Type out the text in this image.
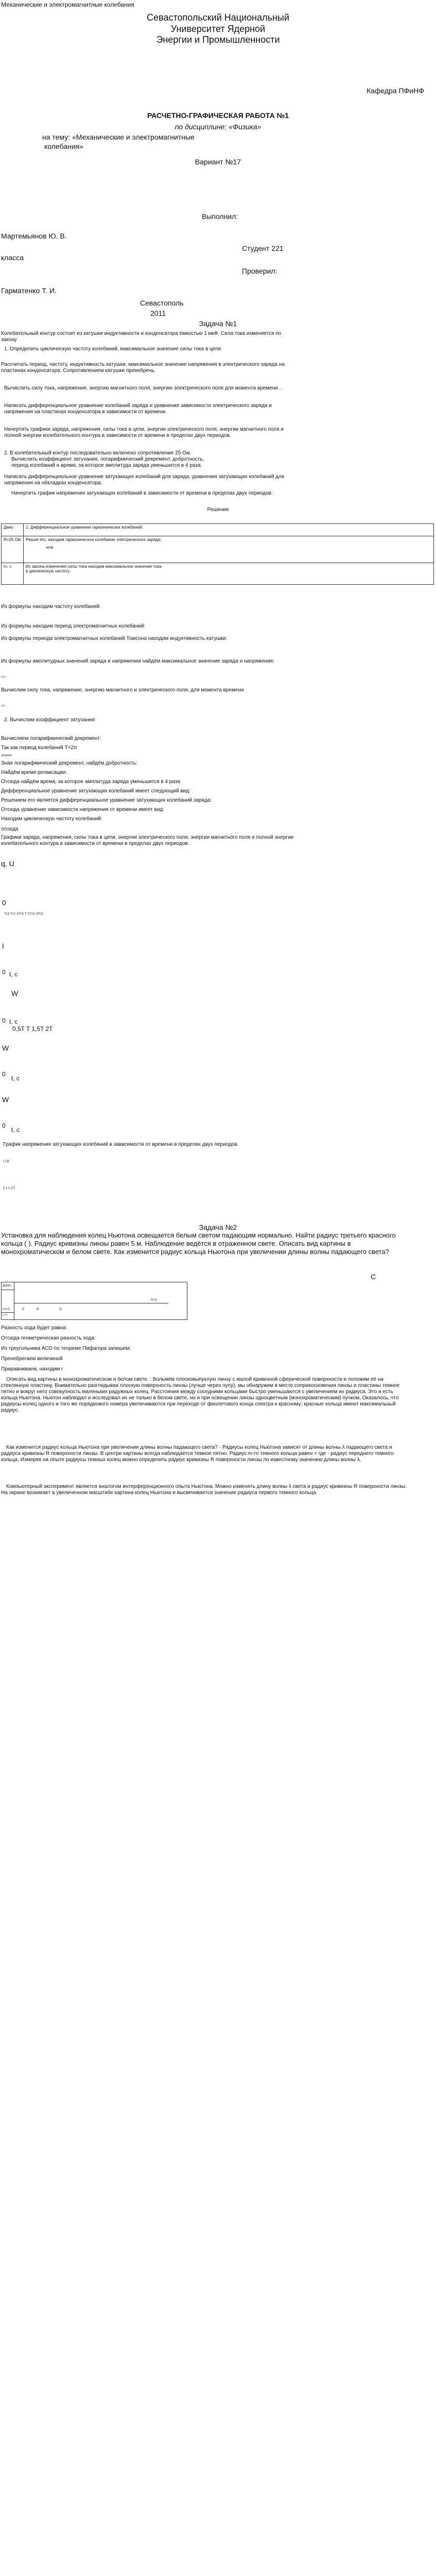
Механические и электромагнитные колебания
Севастопольский Национальный
Университет Ядерной
Энергии и Промышленности
Кафедра ПФиНФ
РАСЧЕТНО-ГРАФИЧЕСКАЯ РАБОТА №1
по дисциплине: «Физика»
на тему: «Механические и электромагнитные
колебания»
Вариант №17
Выполнил:
Мартемьянов Ю. В.
Студент 221
класса
Проверил:
Гарматенко Т. И.
Севастополь
2011
Задача №1
Колебательный контур состоит из катушки индуктивности и конденсатора ёмкостью 1 мкФ. Сила тока изменяется по закону
1. Определить циклическую частоту колебаний, максимальное значение силы тока в цепи.
Рассчитать период, частоту, индуктивность катушки, максимальное значение напряжения в электрического заряда на пластинах конденсатора. Сопротивлением катушки пренебречь.
Вычислить силу тока, напряжения, энергию магнитного поля, энергию электрического поля для момента времени .
Написать дифференциальное уравнение колебаний заряда и уравнения зависимости электрического заряда и напряжения на пластинах конденсатора в зависимости от времени.
Начертить графики заряда, напряжения, силы тока в цепи, энергии электрического поля, энергии магнитного поля и полной энергии колебательного контура в зависимости от времени в пределах двух периодов.
2. В колебательный контур последовательно включено сопротивление 25 Ом.
Вычислить коэффициент затухания, логарифмический декремент, добротность,
период колебаний и время, за которое амплитуда заряда уменьшится в 4 раза.
Написать дифференциальное уравнение затухающих колебаний для заряда, уравнения затухающих колебаний для напряжения на обкладках конденсатора.
Начертить график напряжения затухающих колебаний в зависимости от времени в пределах двух периодов.
Решение
Дано	1. Дифференциальное уравнение гармонических колебаний:
R=25 Ом	Решая его, находим гармоническое колебание электрического заряда:
или

t=, с	Из закона изменения силы тока находим максимальное значение тока
в циклическую частоту:
Из формулы находим частоту колебаний:
Из формулы находим период электромагнитных колебаний:
Из формулы периода электромагнитных колебаний Томсона находим индуктивность катушки:
Из формулы амплитудных значений заряда и напряжения найдём максимальное значение заряда и напряжения:
=>:
Вычислим силу тока, напряжение, энергию магнитного и электрического поля, для момента времени
=>
2. Вычислим коэффициент затухания:
Вычисляем логарифмический декремент:
Так как период колебаний T=2π
значит
Зная логарифмический декремент, найдём добротность:
Найдём время релаксации:
Отсюда найдём время, за которое амплитуда заряда уменьшится в 4 раза
Дифференциальное уравнение затухающих колебаний имеет следующий вид:
Решением его является дифференциальное уравнение затухающих колебаний заряда:
Отсюда уравнение зависимости напряжения от времени имеет вид:
Находим циклическую частоту колебаний:
отсюда
Графики заряда, напряжения, силы тока в цепи, энергии электрического поля, энергии магнитного поля и полной энергии колебательного контура в зависимости от времени в пределах двух периодов.
q, U
0
T/4 T/2 3T/4 T 5T/4 3T/2
I
0 t, с
W
0 t, с
0,5T T 1,5T 2T
W
0
t, с
W
0
t, с
График напряжения затухающих колебаний в зависимости от времени в пределах двух периодов.
U,B
0 t,c 2T
Задача №2
Установка для наблюдения колец Ньютона освещается белым светом падающим нормально. Найти радиус третьего красного кольца ( ). Радиус кривизны линзы равен 5 м. Наблюдение ведётся в отраженном свете. Описать вид картины в монохроматическом и белом свете. Как изменится радиус кольца Ньютона при увеличении длины волны падающего света?
C
Дано
m=3
r-?
d	B	D
R-d
Разность хода будет равна:
Отсюда геометрическая разность хода:
Из треугольника АСD по теореме Пифагора запишем:
Пренебрегаем величиной
Приравниваем, находим r
Описать вид картины в монохроматическом и белом свете. : Вольмём плосковыпуклую линзу с малой кривизной сферической поверхности и положим её на стеклянную пластину. Внимательно разглядывая плоскую поверхность линзы (лучше через лупу), мы обнаружим в месте соприкосновения линзы и пластины темное пятно и вокруг него совокупность маленьких радужных колец. Расстояния между соседними кольцами быстро уменьшаются с увеличением их радиуса. Это и есть кольца Ньютона. Ньютон наблюдал и исследовал их не только в белом свете, но и при освещении линзы одноцветным (монохроматическим) пучком. Оказалось, что радиусы колец одного и того же порядкового номера увеличиваются при переходе от фиолетового конца спектра к красному; красные кольца имеют максимальный радиус.
Как изменится радиус кольца Ньютона при увеличении длины волны падающего света? - Радиусы колец Ньютона зависят от длины волны λ падающего света и радиуса кривизны R поверхности линзы. В центре картины всегда наблюдается темное пятно. Радиус m-го темного кольца равен = где - радиус переднего темного кольца. Измеряя на опыте радиусы темных колец можно определить радиус кривизны R поверхности линзы по известному значению длины волны λ.
Компьютерный эксперимент является аналогом интерференционного опыта Ньютона. Можно изменять длину волны λ света и радиус кривизны R поверхности линзы. На экране возникает в увеличенном масштабе картина колец Ньютона и высвечивается значение радиуса первого темного кольца.
